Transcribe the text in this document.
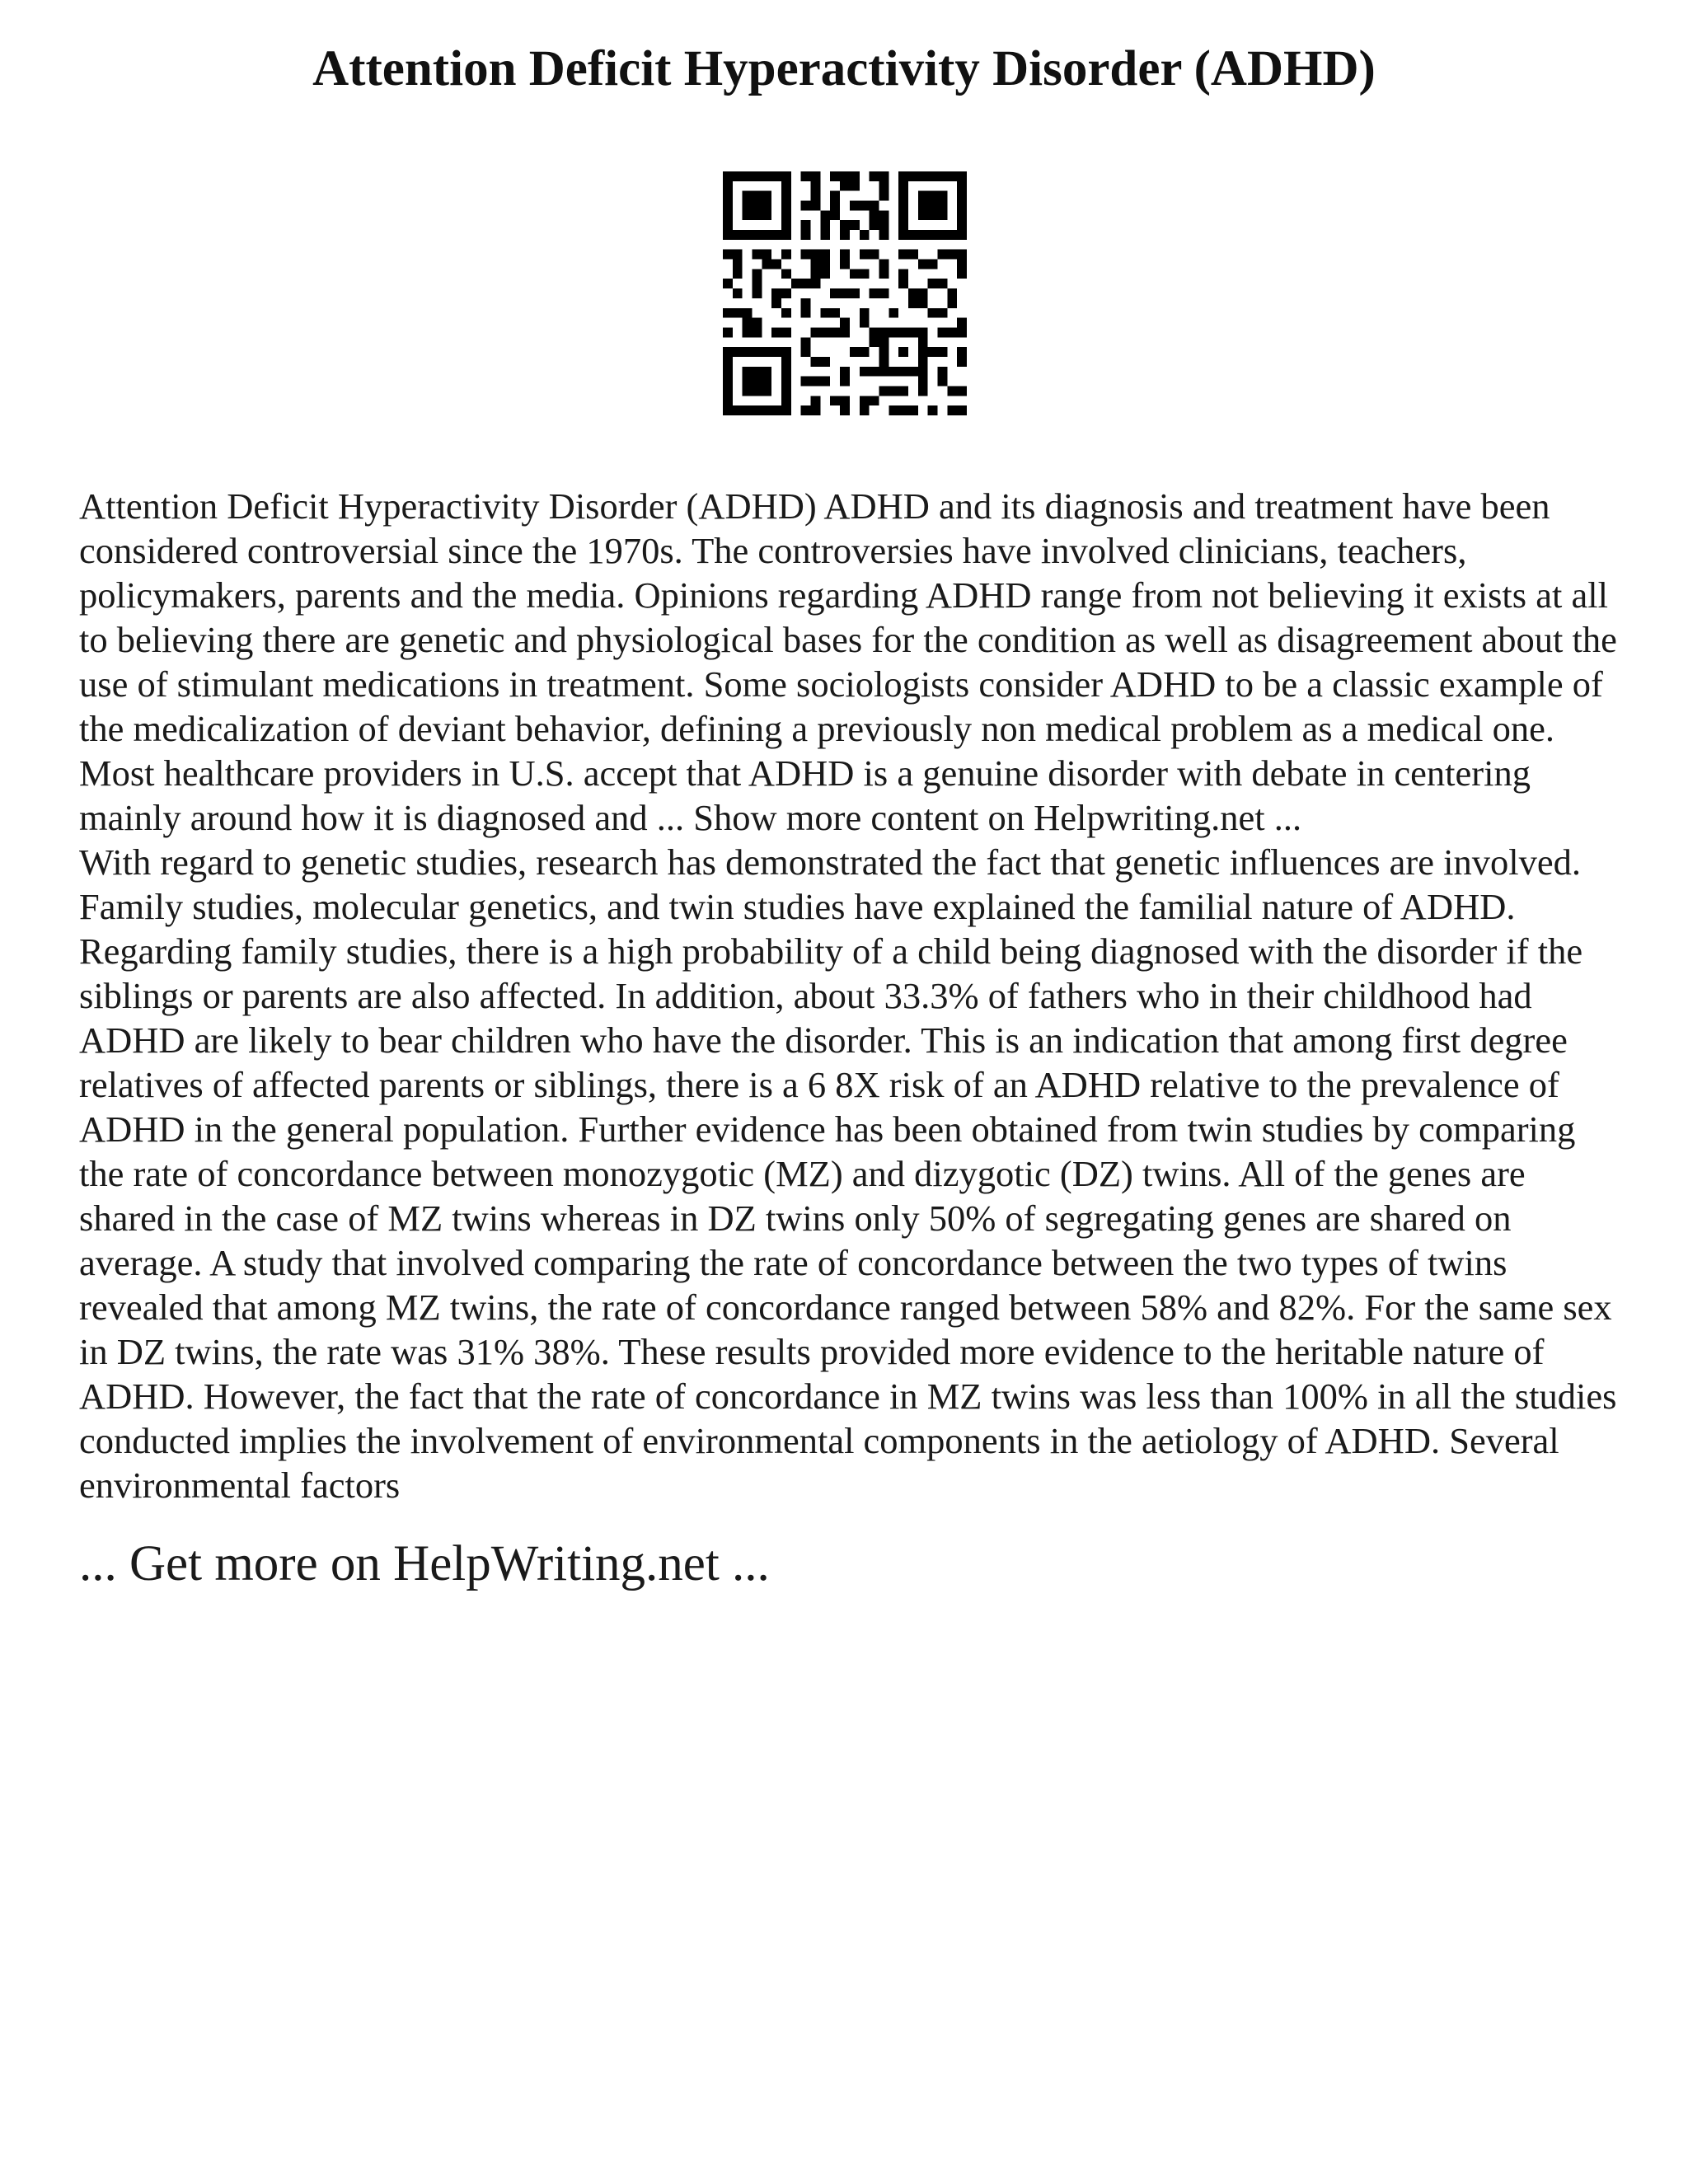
Attention Deficit Hyperactivity Disorder (ADHD)

Attention Deficit Hyperactivity Disorder (ADHD) ADHD and its diagnosis and treatment have been considered controversial since the 1970s. The controversies have involved clinicians, teachers, policymakers, parents and the media. Opinions regarding ADHD range from not believing it exists at all to believing there are genetic and physiological bases for the condition as well as disagreement about the use of stimulant medications in treatment. Some sociologists consider ADHD to be a classic example of the medicalization of deviant behavior, defining a previously non medical problem as a medical one. Most healthcare providers in U.S. accept that ADHD is a genuine disorder with debate in centering mainly around how it is diagnosed and ... Show more content on Helpwriting.net ...

With regard to genetic studies, research has demonstrated the fact that genetic influences are involved. Family studies, molecular genetics, and twin studies have explained the familial nature of ADHD. Regarding family studies, there is a high probability of a child being diagnosed with the disorder if the siblings or parents are also affected. In addition, about 33.3% of fathers who in their childhood had ADHD are likely to bear children who have the disorder. This is an indication that among first degree relatives of affected parents or siblings, there is a 6 8X risk of an ADHD relative to the prevalence of ADHD in the general population. Further evidence has been obtained from twin studies by comparing the rate of concordance between monozygotic (MZ) and dizygotic (DZ) twins. All of the genes are shared in the case of MZ twins whereas in DZ twins only 50% of segregating genes are shared on average. A study that involved comparing the rate of concordance between the two types of twins revealed that among MZ twins, the rate of concordance ranged between 58% and 82%. For the same sex in DZ twins, the rate was 31% 38%. These results provided more evidence to the heritable nature of ADHD. However, the fact that the rate of concordance in MZ twins was less than 100% in all the studies conducted implies the involvement of environmental components in the aetiology of ADHD. Several environmental factors

... Get more on HelpWriting.net ...
